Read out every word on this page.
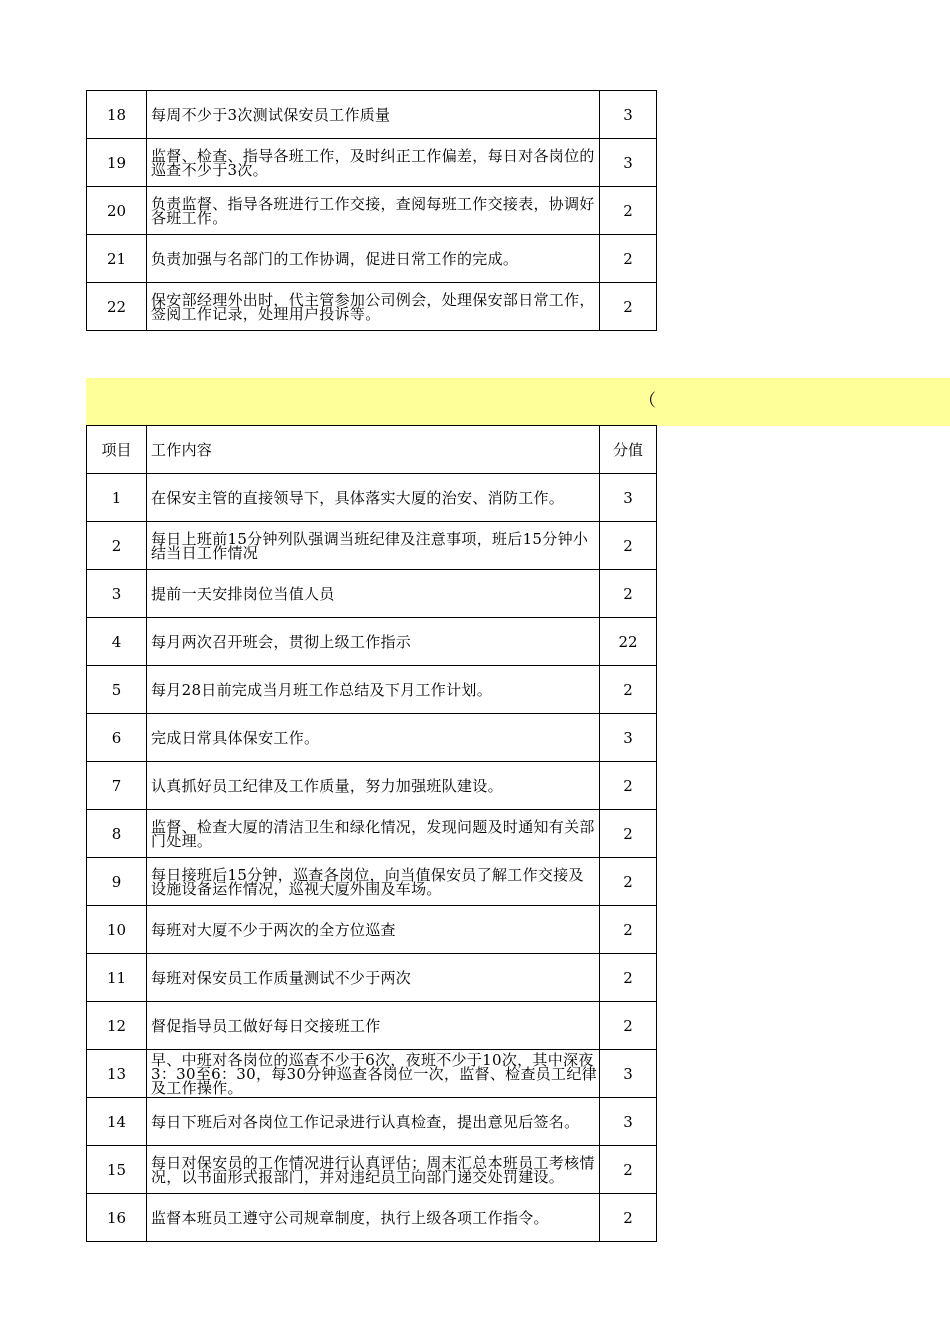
18	每周不少于3次测试保安员工作质量	3
19	监督、检查、指导各班工作，及时纠正工作偏差，每日对各岗位的巡查不少于3次。	3
20	负责监督、指导各班进行工作交接，查阅每班工作交接表，协调好各班工作。	2
21	负责加强与名部门的工作协调，促进日常工作的完成。	2
22	保安部经理外出时，代主管参加公司例会，处理保安部日常工作，签阅工作记录，处理用户投诉等。	2
（
项目	工作内容	分值
1	在保安主管的直接领导下，具体落实大厦的治安、消防工作。	3
2	每日上班前15分钟列队强调当班纪律及注意事项，班后15分钟小结当日工作情况	2
3	提前一天安排岗位当值人员	2
4	每月两次召开班会，贯彻上级工作指示	22
5	每月28日前完成当月班工作总结及下月工作计划。	2
6	完成日常具体保安工作。	3
7	认真抓好员工纪律及工作质量，努力加强班队建设。	2
8	监督、检查大厦的清洁卫生和绿化情况，发现问题及时通知有关部门处理。	2
9	每日接班后15分钟，巡查各岗位，向当值保安员了解工作交接及设施设备运作情况，巡视大厦外围及车场。	2
10	每班对大厦不少于两次的全方位巡查	2
11	每班对保安员工作质量测试不少于两次	2
12	督促指导员工做好每日交接班工作	2
13	早、中班对各岗位的巡查不少于6次，夜班不少于10次，其中深夜3：30至6：30，每30分钟巡查各岗位一次，监督、检查员工纪律及工作操作。	3
14	每日下班后对各岗位工作记录进行认真检查，提出意见后签名。	3
15	每日对保安员的工作情况进行认真评估；周末汇总本班员工考核情况，以书面形式报部门，并对违纪员工向部门递交处罚建设。	2
16	监督本班员工遵守公司规章制度，执行上级各项工作指令。	2
